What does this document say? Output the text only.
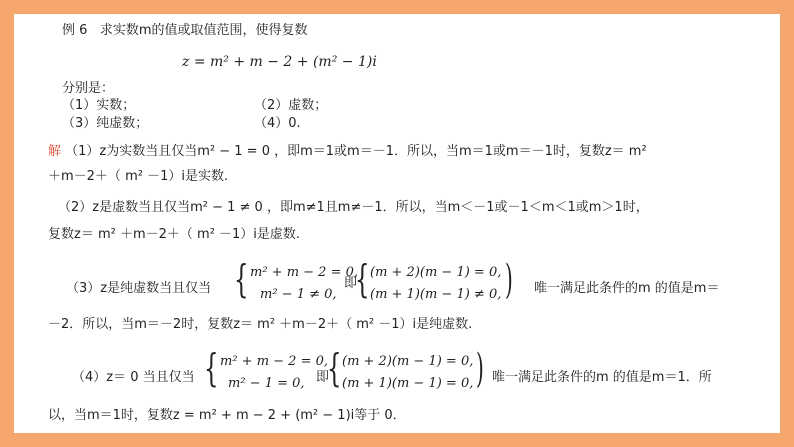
例 6 求实数m的值或取值范围，使得复数
z = m² + m − 2 + (m² − 1)i
分别是：
（1）实数；	（2）虚数；
（3）纯虚数；	（4）0.
解 （1）z为实数当且仅当m² − 1 = 0 ，即m＝1或m＝－1．所以，当m＝1或m＝－1时，复数z＝ m²
＋m－2＋（ m² －1）i是实数.
（2）z是虚数当且仅当m² − 1 ≠ 0 ，即m≠1且m≠－1．所以，当m＜－1或－1＜m＜1或m＞1时，
复数z＝ m² ＋m－2＋（ m² －1）i是虚数.
（3）z是纯虚数当且仅当 { m² + m − 2 = 0,
m² − 1 ≠ 0,
即
{ (m + 2)(m − 1) = 0,
(m + 1)(m − 1) ≠ 0, ) 唯一满足此条件的m 的值是m＝
－2．所以，当m＝－2时，复数z＝ m² ＋m－2＋（ m² －1）i是纯虚数.
（4）z＝ 0 当且仅当 { m² + m − 2 = 0,
m² − 1 = 0, 即
{ (m + 2)(m − 1) = 0,
(m + 1)(m − 1) = 0, ) 唯一满足此条件的m 的值是m＝1．所
以，当m＝1时，复数z = m² + m − 2 + (m² − 1)i等于 0．
